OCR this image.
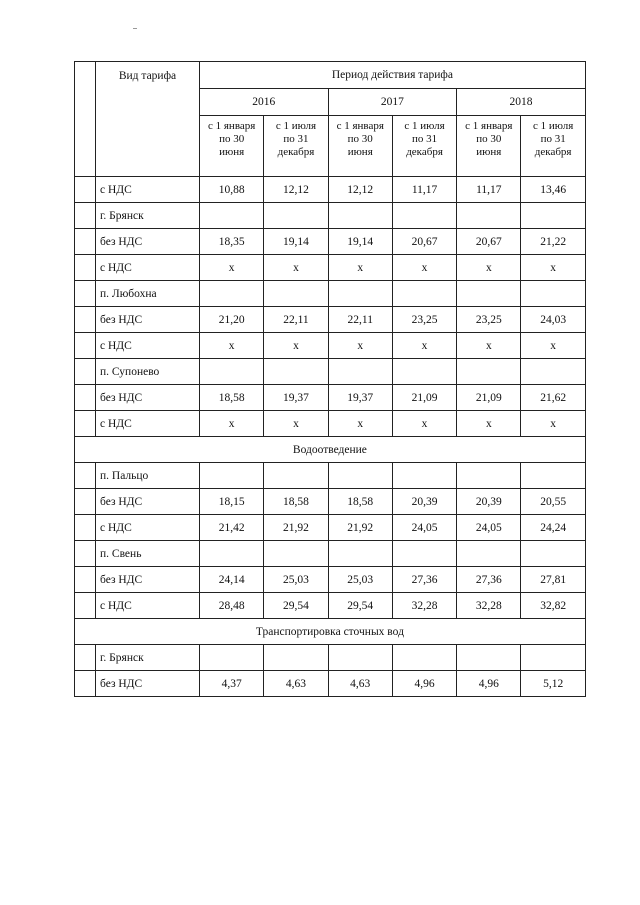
	Вид тарифа	Период действия тарифа					
		2016		2017		2018	
		с 1 января
по 30
июня	с 1 июля
по 31
декабря	с 1 января
по 30
июня	с 1 июля
по 31
декабря	с 1 января
по 30
июня	с 1 июля
по 31
декабря
	с НДС	10,88	12,12	12,12	11,17	11,17	13,46
	г. Брянск						
	без НДС	18,35	19,14	19,14	20,67	20,67	21,22
	с НДС	х	х	х	х	х	х
	п. Любохна						
	без НДС	21,20	22,11	22,11	23,25	23,25	24,03
	с НДС	х	х	х	х	х	х
	п. Супонево						
	без НДС	18,58	19,37	19,37	21,09	21,09	21,62
	с НДС	х	х	х	х	х	х
Водоотведение							
	п. Пальцо						
	без НДС	18,15	18,58	18,58	20,39	20,39	20,55
	с НДС	21,42	21,92	21,92	24,05	24,05	24,24
	п. Свень						
	без НДС	24,14	25,03	25,03	27,36	27,36	27,81
	с НДС	28,48	29,54	29,54	32,28	32,28	32,82
Транспортировка сточных вод							
	г. Брянск						
	без НДС	4,37	4,63	4,63	4,96	4,96	5,12
